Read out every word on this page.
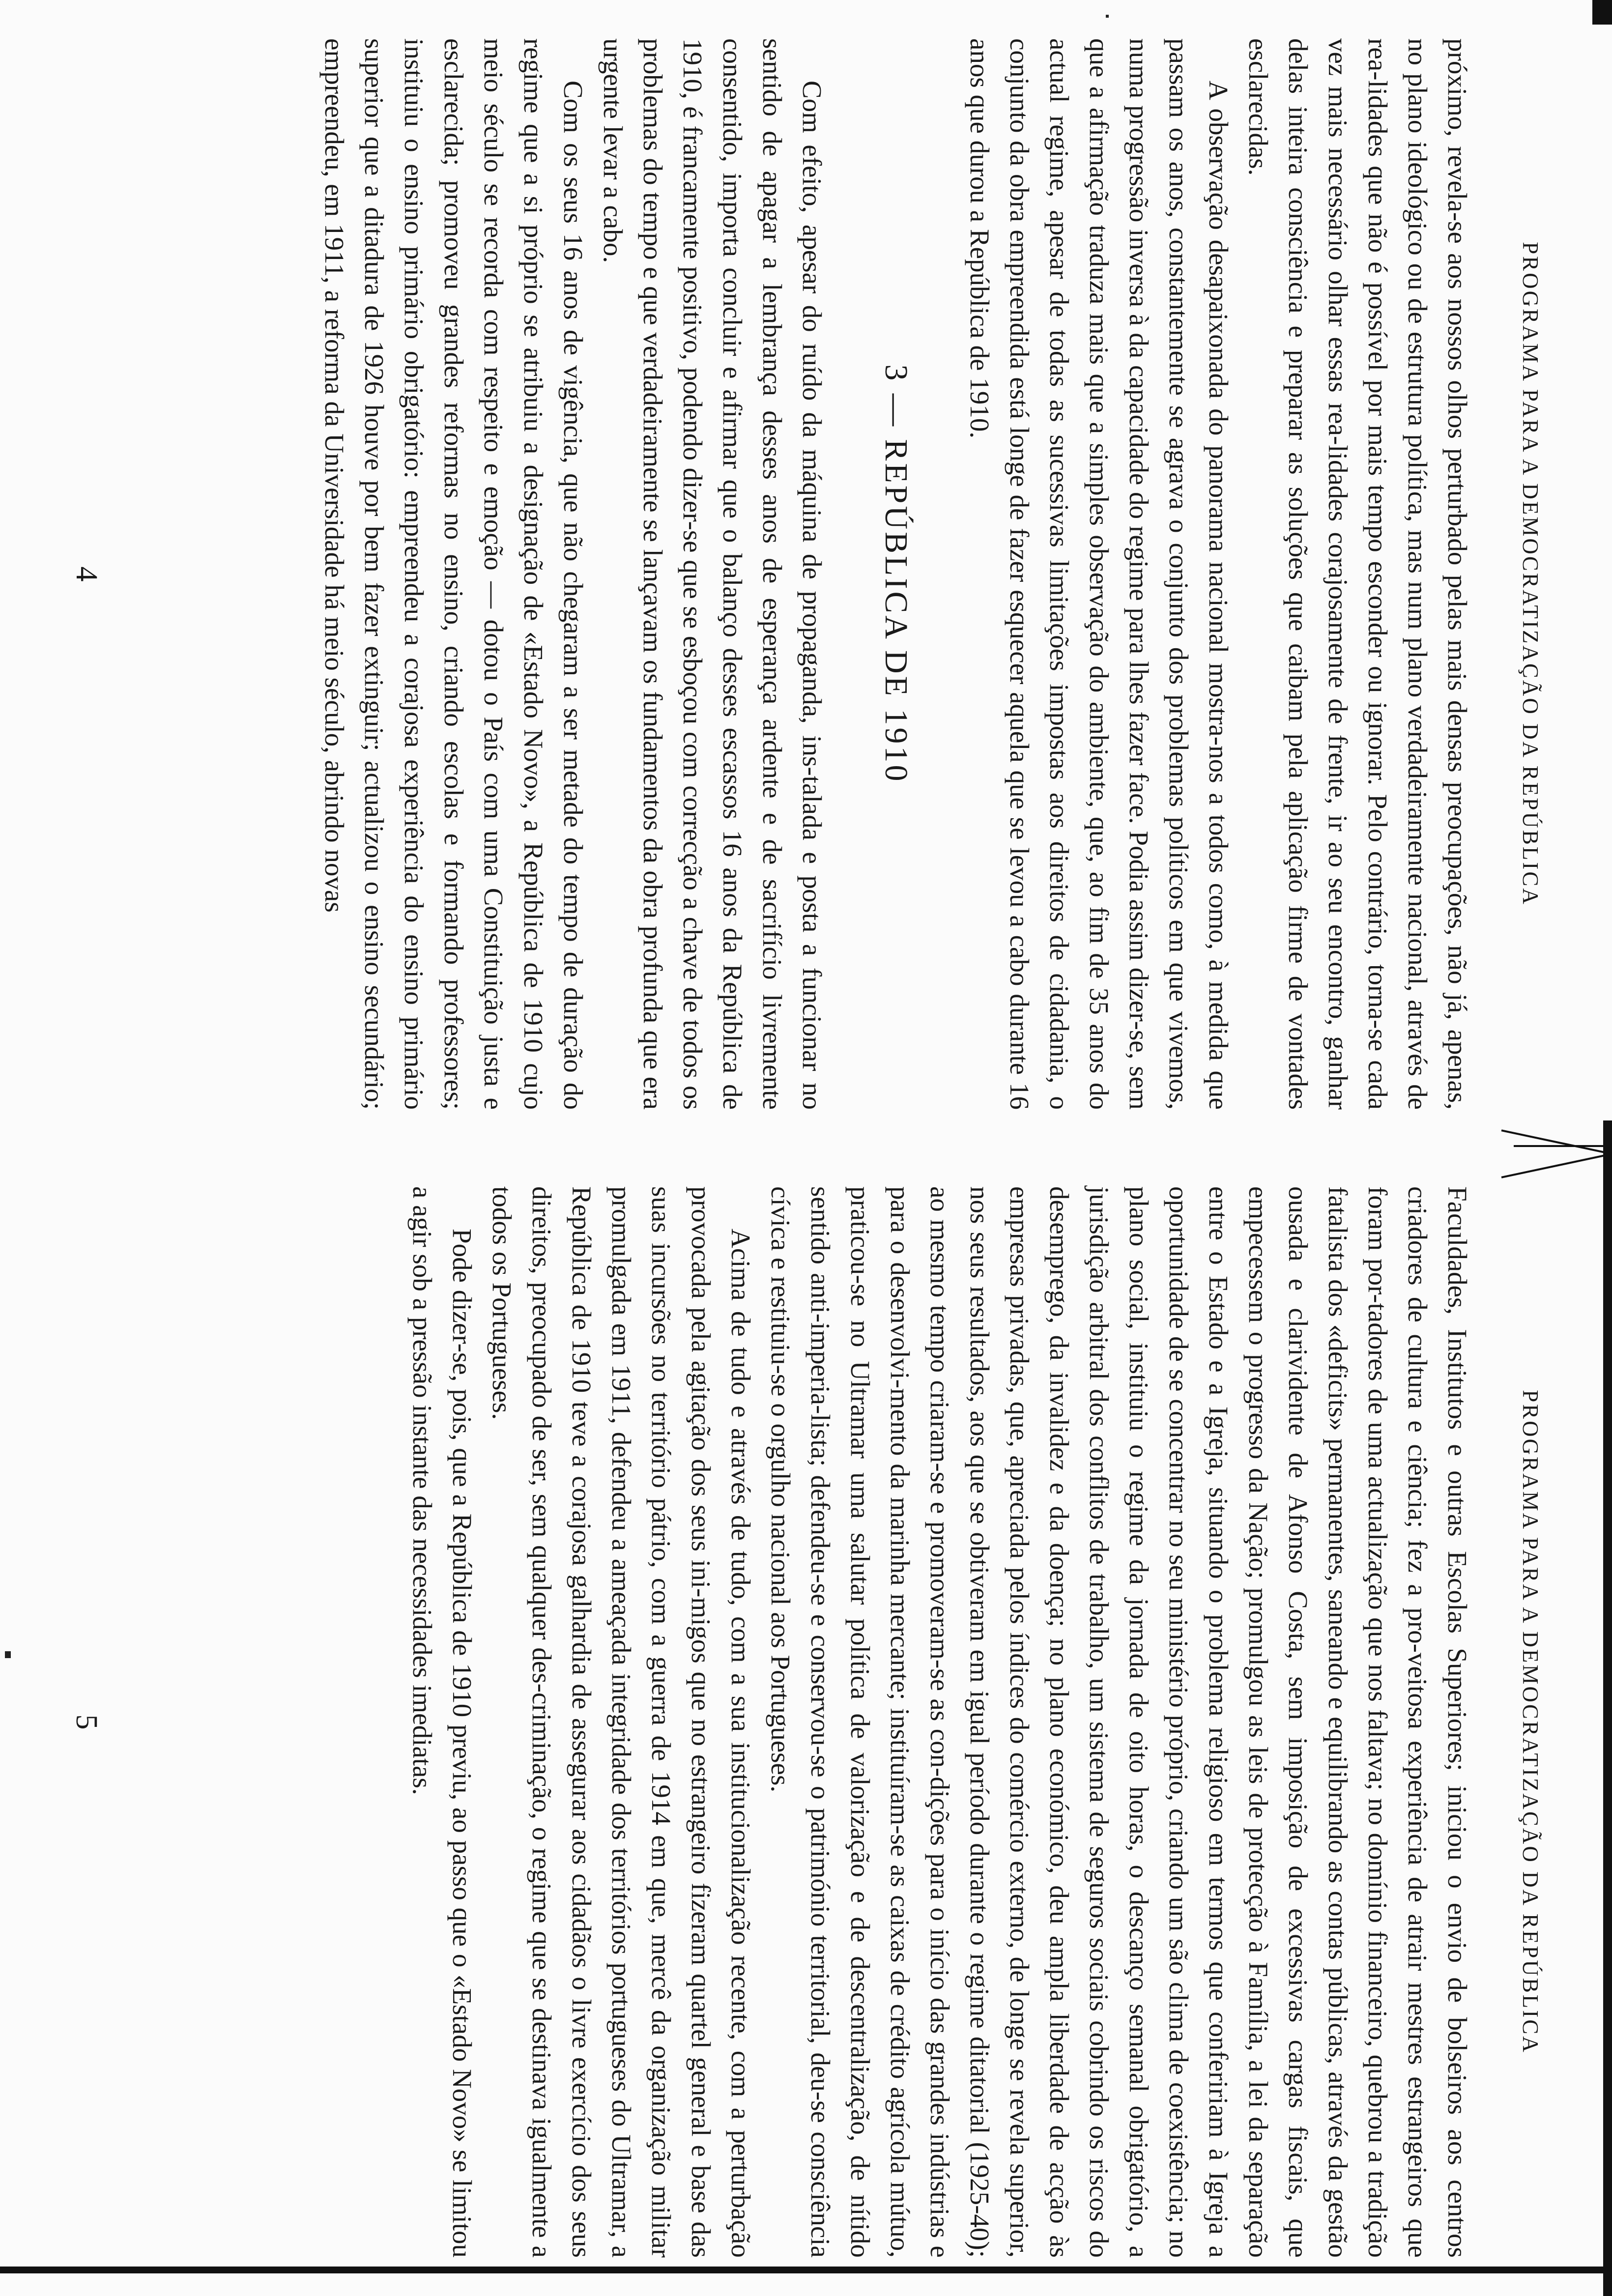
PROGRAMA PARA A DEMOCRATIZAÇÃO DA REPÚBLICA

próximo, revela-se aos nossos olhos perturbado pelas mais densas preocupações, não já, apenas, no plano ideológico ou de estrutura política, mas num plano verdadeiramente nacional, através de rea-lidades que não é possível por mais tempo esconder ou ignorar. Pelo contrário, torna-se cada vez mais necessário olhar essas rea-lidades corajosamente de frente, ir ao seu encontro, ganhar delas inteira consciência e preparar as soluções que caibam pela aplicação firme de vontades esclarecidas.

A observação desapaixonada do panorama nacional mostra-nos a todos como, à medida que passam os anos, constantemente se agrava o conjunto dos problemas políticos em que vivemos, numa progressão inversa à da capacidade do regime para lhes fazer face. Podia assim dizer-se, sem que a afirmação traduza mais que a simples observação do ambiente, que, ao fim de 35 anos do actual regime, apesar de todas as sucessivas limitações impostas aos direitos de cidadania, o conjunto da obra empreendida está longe de fazer esquecer aquela que se levou a cabo durante 16 anos que durou a República de 1910.

3 — REPÚBLICA DE 1910

Com efeito, apesar do ruído da máquina de propaganda, ins-talada e posta a funcionar no sentido de apagar a lembrança desses anos de esperança ardente e de sacrifício livremente consentido, importa concluir e afirmar que o balanço desses escassos 16 anos da República de 1910, é francamente positivo, podendo dizer-se que se esboçou com correcção a chave de todos os problemas do tempo e que verdadeiramente se lançavam os fundamentos da obra profunda que era urgente levar a cabo.

Com os seus 16 anos de vigência, que não chegaram a ser metade do tempo de duração do regime que a si próprio se atribuiu a designação de «Estado Novo», a República de 1910 cujo meio século se recorda com respeito e emoção — dotou o País com uma Constituição justa e esclarecida; promoveu grandes reformas no ensino, criando escolas e formando professores; instituiu o ensino primário obrigatório: empreendeu a corajosa experiência do ensino primário superior que a ditadura de 1926 houve por bem fazer extinguir; actualizou o ensino secundário; empreendeu, em 1911, a reforma da Universidade há meio século, abrindo novas

4
PROGRAMA PARA A DEMOCRATIZAÇÃO DA REPÚBLICA

Faculdades, Institutos e outras Escolas Superiores; iniciou o envio de bolseiros aos centros criadores de cultura e ciência; fez a pro-veitosa experiência de atrair mestres estrangeiros que foram por-tadores de uma actualização que nos faltava; no domínio financeiro, quebrou a tradição fatalista dos «deficits» permanentes, saneando e equilibrando as contas públicas, através da gestão ousada e clarividente de Afonso Costa, sem imposição de excessivas cargas fiscais, que empecessem o progresso da Nação; promulgou as leis de protecção à Família, a lei da separação entre o Estado e a Igreja, situando o problema religioso em termos que confeririam à Igreja a oportunidade de se concentrar no seu ministério próprio, criando um são clima de coexistência; no plano social, instituiu o regime da jornada de oito horas, o descanço semanal obrigatório, a jurisdição arbitral dos conflitos de trabalho, um sistema de seguros sociais cobrindo os riscos do desemprego, da invalidez e da doença; no plano económico, deu ampla liberdade de acção às empresas privadas, que, apreciada pelos índices do comércio externo, de longe se revela superior, nos seus resultados, aos que se obtiveram em igual período durante o regime ditatorial (1925-40); ao mesmo tempo criaram-se e promoveram-se as con-dições para o início das grandes indústrias e para o desenvolvi-mento da marinha mercante; instituíram-se as caixas de crédito agrícola mútuo, praticou-se no Ultramar uma salutar política de valorização e de descentralização, de nítido sentido anti-imperia-lista; defendeu-se e conservou-se o património territorial, deu-se consciência cívica e restituiu-se o orgulho nacional aos Portugueses.

Acima de tudo e através de tudo, com a sua institucionalização recente, com a perturbação provocada pela agitação dos seus ini-migos que no estrangeiro fizeram quartel general e base das suas incursões no território pátrio, com a guerra de 1914 em que, mercê da organização militar promulgada em 1911, defendeu a ameaçada integridade dos territórios portugueses do Ultramar, a República de 1910 teve a corajosa galhardia de assegurar aos cidadãos o livre exercício dos seus direitos, preocupado de ser, sem qualquer des-criminação, o regime que se destinava igualmente a todos os Portugueses.

Pode dizer-se, pois, que a República de 1910 previu, ao passo que o «Estado Novo» se limitou a agir sob a pressão instante das necessidades imediatas.

5
